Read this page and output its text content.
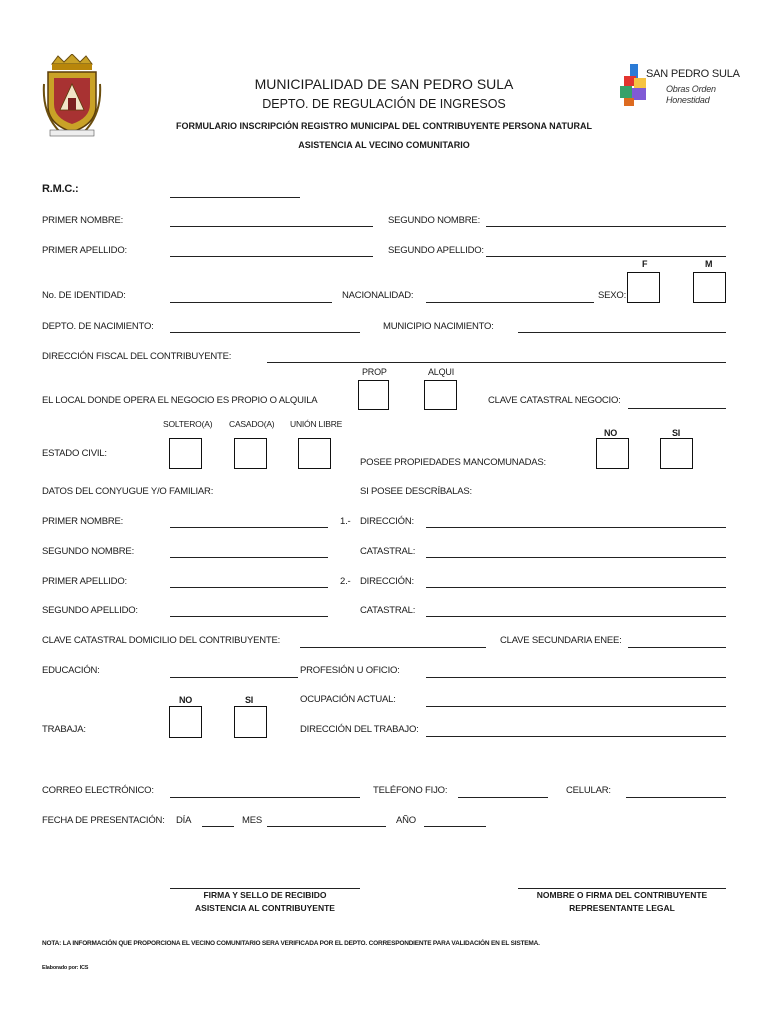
SAN PEDRO SULA
Obras Orden
Honestidad
MUNICIPALIDAD DE SAN PEDRO SULA
DEPTO. DE REGULACIÓN DE INGRESOS
FORMULARIO INSCRIPCIÓN REGISTRO MUNICIPAL DEL CONTRIBUYENTE PERSONA NATURAL
ASISTENCIA AL VECINO COMUNITARIO
R.M.C.:
PRIMER NOMBRE:	SEGUNDO NOMBRE:
PRIMER APELLIDO:	SEGUNDO APELLIDO:
F	M
No. DE IDENTIDAD:	NACIONALIDAD:	SEXO:
DEPTO. DE NACIMIENTO:	MUNICIPIO NACIMIENTO:
DIRECCIÓN FISCAL DEL CONTRIBUYENTE:
PROP	ALQUI
EL LOCAL DONDE OPERA EL NEGOCIO ES PROPIO O ALQUILA	CLAVE CATASTRAL NEGOCIO:
SOLTERO(A) CASADO(A) UNIÓN LIBRE
NO	SI
ESTADO CIVIL:
POSEE PROPIEDADES MANCOMUNADAS:
DATOS DEL CONYUGUE Y/O FAMILIAR:	SI POSEE DESCRÍBALAS:
PRIMER NOMBRE:	1.- DIRECCIÓN:
SEGUNDO NOMBRE:	CATASTRAL:
PRIMER APELLIDO:	2.- DIRECCIÓN:
SEGUNDO APELLIDO:	CATASTRAL:
CLAVE CATASTRAL DOMICILIO DEL CONTRIBUYENTE:	CLAVE SECUNDARIA ENEE:
EDUCACIÓN:	PROFESIÓN U OFICIO:
NO	SI	OCUPACIÓN ACTUAL:
TRABAJA:	DIRECCIÓN DEL TRABAJO:
CORREO ELECTRÓNICO:	TELÉFONO FIJO:	CELULAR:
FECHA DE PRESENTACIÓN: DÍA	MES	AÑO
FIRMA Y SELLO DE RECIBIDO
ASISTENCIA AL CONTRIBUYENTE
NOMBRE O FIRMA DEL CONTRIBUYENTE
REPRESENTANTE LEGAL
NOTA: LA INFORMACIÓN QUE PROPORCIONA EL VECINO COMUNITARIO SERA VERIFICADA POR EL DEPTO. CORRESPONDIENTE PARA VALIDACIÓN EN EL SISTEMA.
Elaborado por: ICS
